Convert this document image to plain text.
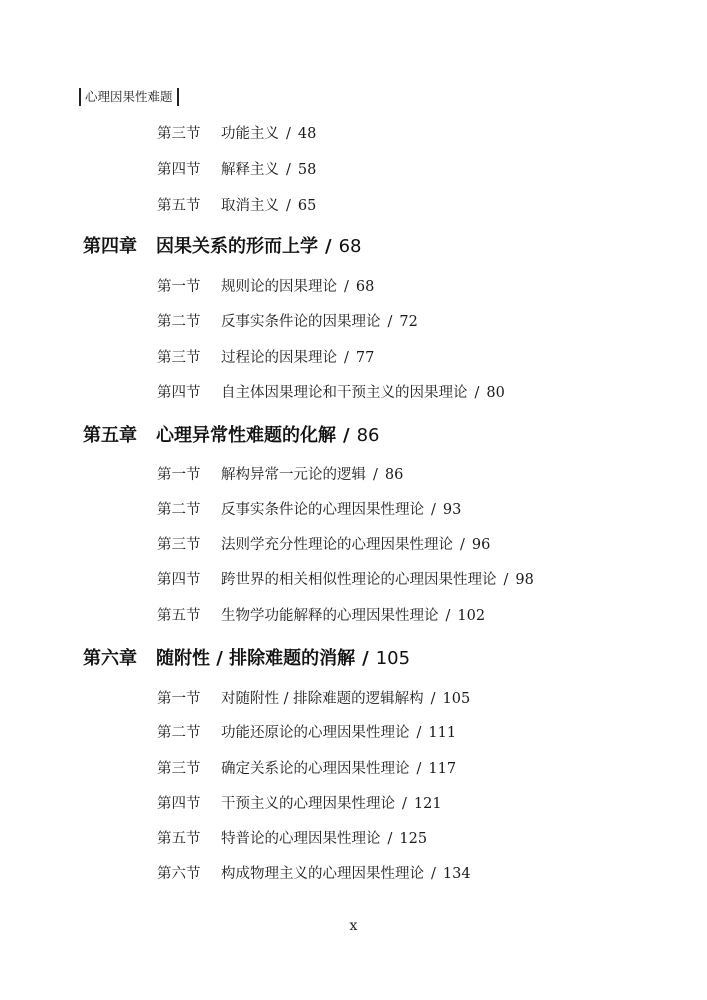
心理因果性难题
第三节 功能主义 / 48
第四节 解释主义 / 58
第五节 取消主义 / 65
第四章 因果关系的形而上学 / 68
第一节 规则论的因果理论 / 68
第二节 反事实条件论的因果理论 / 72
第三节 过程论的因果理论 / 77
第四节 自主体因果理论和干预主义的因果理论 / 80
第五章 心理异常性难题的化解 / 86
第一节 解构异常一元论的逻辑 / 86
第二节 反事实条件论的心理因果性理论 / 93
第三节 法则学充分性理论的心理因果性理论 / 96
第四节 跨世界的相关相似性理论的心理因果性理论 / 98
第五节 生物学功能解释的心理因果性理论 / 102
第六章 随附性 / 排除难题的消解 / 105
第一节 对随附性 / 排除难题的逻辑解构 / 105
第二节 功能还原论的心理因果性理论 / 111
第三节 确定关系论的心理因果性理论 / 117
第四节 干预主义的心理因果性理论 / 121
第五节 特普论的心理因果性理论 / 125
第六节 构成物理主义的心理因果性理论 / 134
x
